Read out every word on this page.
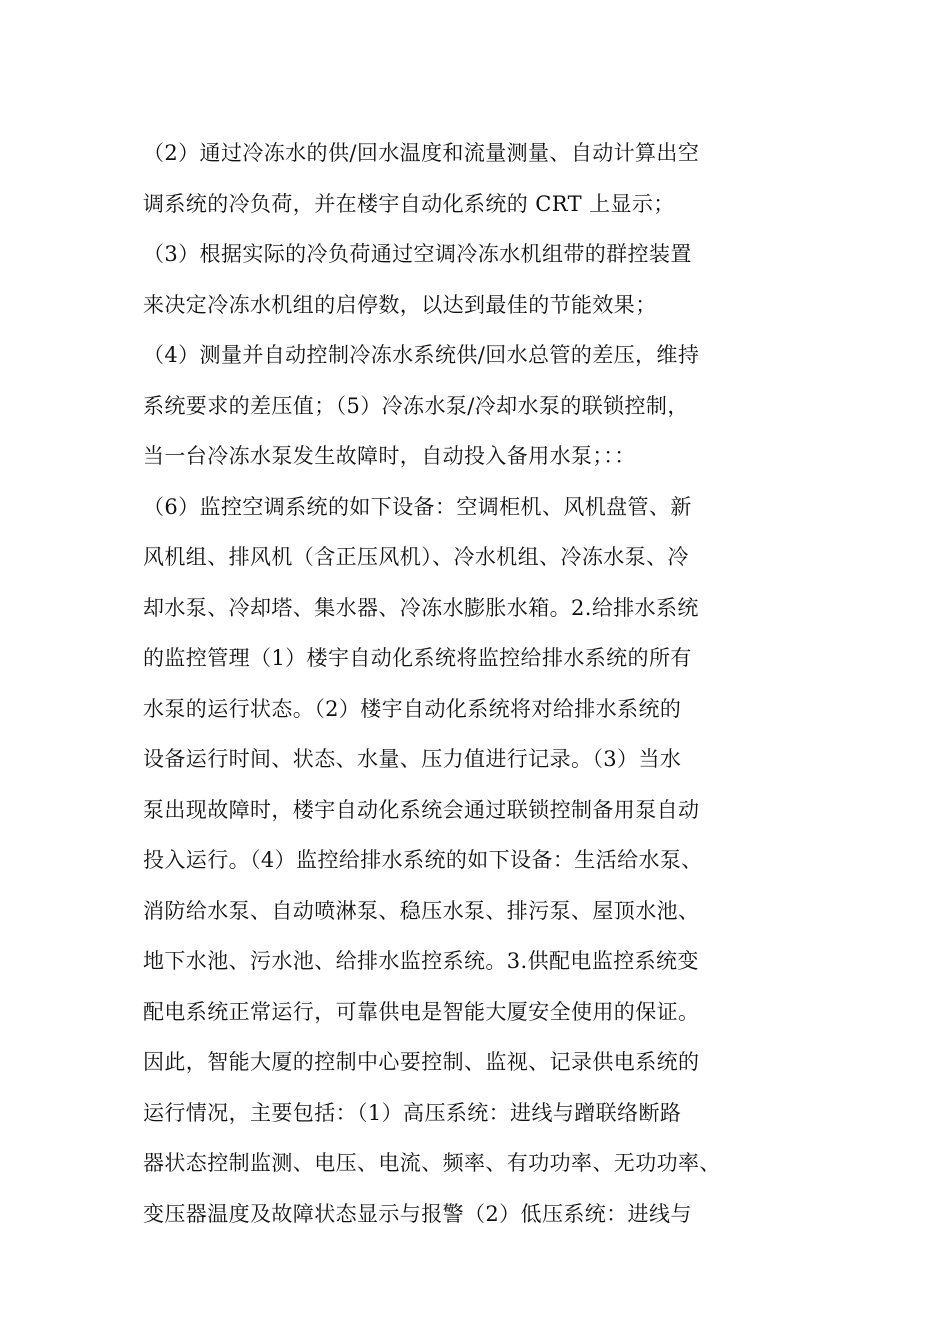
（2）通过冷冻水的供/回水温度和流量测量、自动计算出空
调系统的冷负荷，并在楼宇自动化系统的 CRT 上显示；
（3）根据实际的冷负荷通过空调冷冻水机组带的群控装置
来决定冷冻水机组的启停数，以达到最佳的节能效果；
（4）测量并自动控制冷冻水系统供/回水总管的差压，维持
系统要求的差压值；（5）冷冻水泵/冷却水泵的联锁控制，
当一台冷冻水泵发生故障时，自动投入备用水泵；：：
（6）监控空调系统的如下设备：空调柜机、风机盘管、新
风机组、排风机（含正压风机）、冷水机组、冷冻水泵、冷
却水泵、冷却塔、集水器、冷冻水膨胀水箱。2.给排水系统
的监控管理（1）楼宇自动化系统将监控给排水系统的所有
水泵的运行状态。（2）楼宇自动化系统将对给排水系统的
设备运行时间、状态、水量、压力值进行记录。（3）当水
泵出现故障时，楼宇自动化系统会通过联锁控制备用泵自动
投入运行。（4）监控给排水系统的如下设备：生活给水泵、
消防给水泵、自动喷淋泵、稳压水泵、排污泵、屋顶水池、
地下水池、污水池、给排水监控系统。3.供配电监控系统变
配电系统正常运行，可靠供电是智能大厦安全使用的保证。
因此，智能大厦的控制中心要控制、监视、记录供电系统的
运行情况，主要包括：（1）高压系统：进线与蹭联络断路
器状态控制监测、电压、电流、频率、有功功率、无功功率、
变压器温度及故障状态显示与报警（2）低压系统：进线与
